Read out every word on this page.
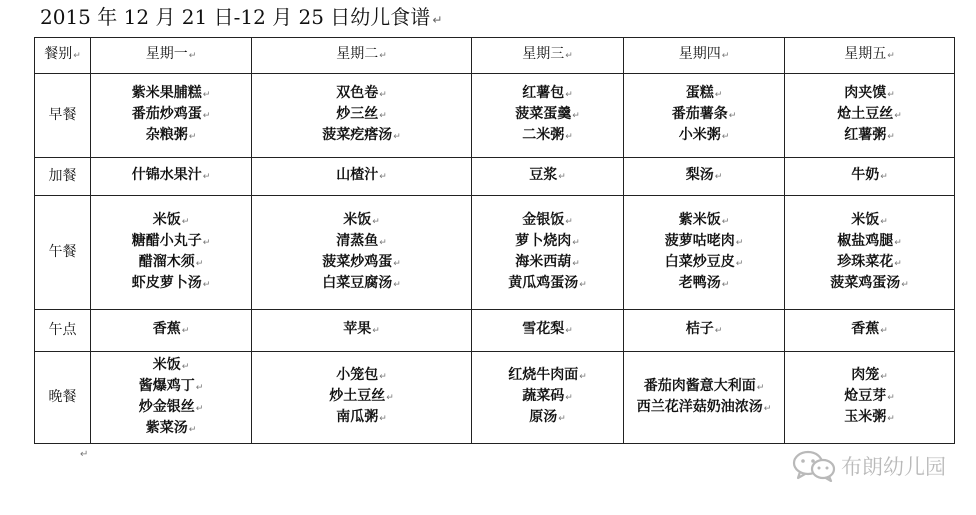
2015 年 12 月 21 日-12 月 25 日幼儿食谱 ↵
餐别↵	星期一↵	星期二↵	星期三↵	星期四↵	星期五↵
早餐	紫米果脯糕↵
番茄炒鸡蛋↵
杂粮粥↵	双色卷↵
炒三丝↵
菠菜疙瘩汤↵	红薯包↵
菠菜蛋羹↵
二米粥↵	蛋糕↵
番茄薯条↵
小米粥↵	肉夹馍↵
炝土豆丝↵
红薯粥↵

加餐	什锦水果汁↵	山楂汁↵	豆浆↵	梨汤↵	牛奶↵

午餐	米饭↵
糖醋小丸子↵
醋溜木须↵
虾皮萝卜汤↵	米饭↵
清蒸鱼↵
菠菜炒鸡蛋↵
白菜豆腐汤↵	金银饭↵
萝卜烧肉↵
海米西葫↵
黄瓜鸡蛋汤↵	紫米饭↵
菠萝咕咾肉↵
白菜炒豆皮↵
老鸭汤↵	米饭↵
椒盐鸡腿↵
珍珠菜花↵
菠菜鸡蛋汤↵

午点	香蕉↵	苹果↵	雪花梨↵	桔子↵	香蕉↵

晚餐	米饭↵
酱爆鸡丁↵
炒金银丝↵
紫菜汤↵	小笼包↵
炒土豆丝↵
南瓜粥↵	红烧牛肉面↵
蔬菜码↵
原汤↵	番茄肉酱意大利面↵
西兰花洋菇奶油浓汤↵	肉笼↵
炝豆芽↵
玉米粥↵
↵
布朗幼儿园
